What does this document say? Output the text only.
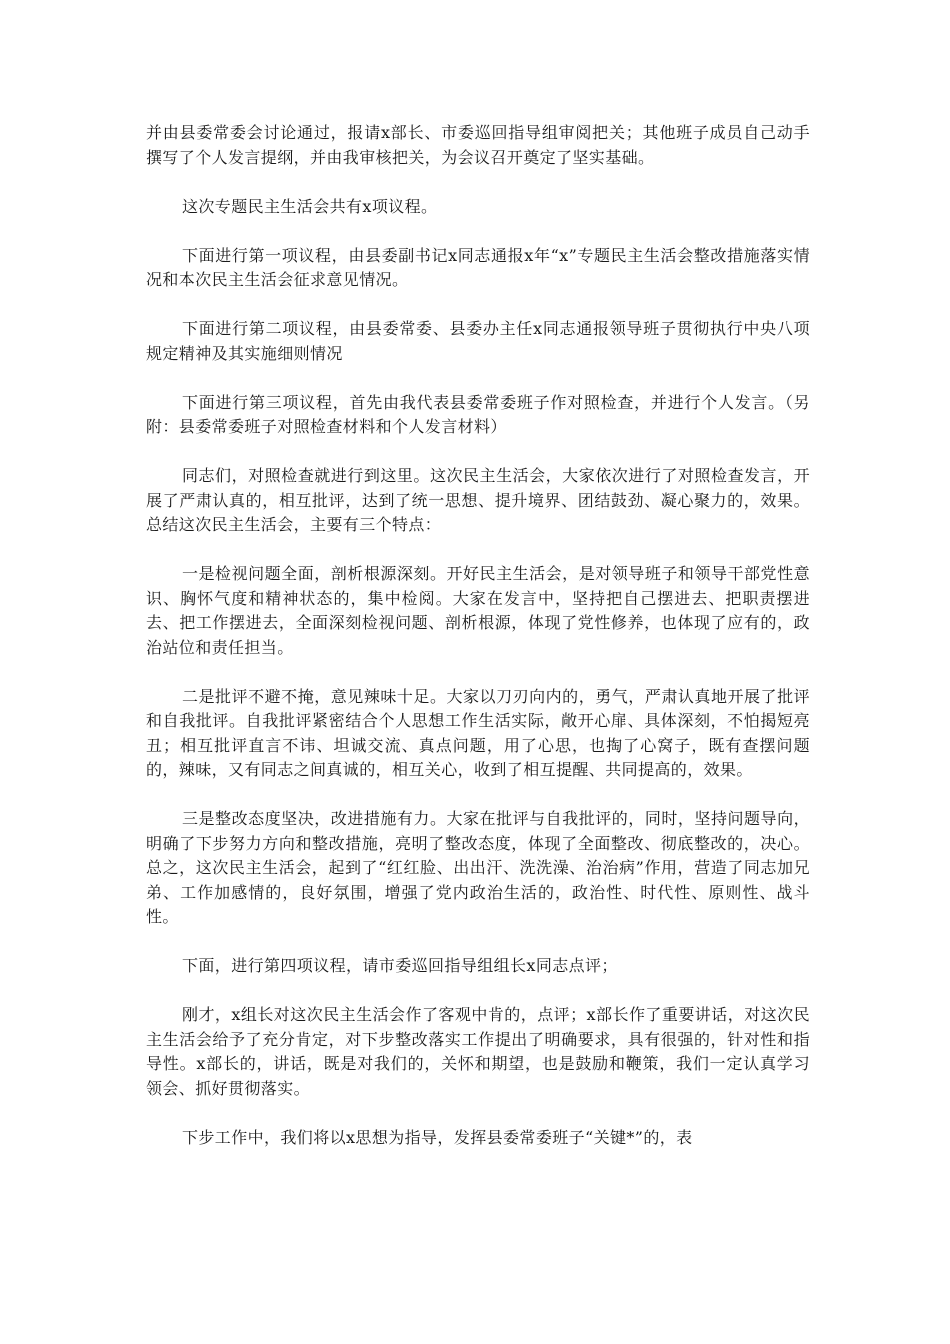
并由县委常委会讨论通过，报请x部长、市委巡回指导组审阅把关；其他班子成员自己动手撰写了个人发言提纲，并由我审核把关，为会议召开奠定了坚实基础。

这次专题民主生活会共有x项议程。

下面进行第一项议程，由县委副书记x同志通报x年“x”专题民主生活会整改措施落实情况和本次民主生活会征求意见情况。

下面进行第二项议程，由县委常委、县委办主任x同志通报领导班子贯彻执行中央八项规定精神及其实施细则情况

下面进行第三项议程，首先由我代表县委常委班子作对照检查，并进行个人发言。（另附：县委常委班子对照检查材料和个人发言材料）

同志们，对照检查就进行到这里。这次民主生活会，大家依次进行了对照检查发言，开展了严肃认真的，相互批评，达到了统一思想、提升境界、团结鼓劲、凝心聚力的，效果。总结这次民主生活会，主要有三个特点：

一是检视问题全面，剖析根源深刻。开好民主生活会，是对领导班子和领导干部党性意识、胸怀气度和精神状态的，集中检阅。大家在发言中，坚持把自己摆进去、把职责摆进去、把工作摆进去，全面深刻检视问题、剖析根源，体现了党性修养，也体现了应有的，政治站位和责任担当。

二是批评不避不掩，意见辣味十足。大家以刀刃向内的，勇气，严肃认真地开展了批评和自我批评。自我批评紧密结合个人思想工作生活实际，敞开心扉、具体深刻，不怕揭短亮丑；相互批评直言不讳、坦诚交流、真点问题，用了心思，也掏了心窝子，既有查摆问题的，辣味，又有同志之间真诚的，相互关心，收到了相互提醒、共同提高的，效果。

三是整改态度坚决，改进措施有力。大家在批评与自我批评的，同时，坚持问题导向，明确了下步努力方向和整改措施，亮明了整改态度，体现了全面整改、彻底整改的，决心。总之，这次民主生活会，起到了“红红脸、出出汗、洗洗澡、治治病”作用，营造了同志加兄弟、工作加感情的，良好氛围，增强了党内政治生活的，政治性、时代性、原则性、战斗性。

下面，进行第四项议程，请市委巡回指导组组长x同志点评；

刚才，x组长对这次民主生活会作了客观中肯的，点评；x部长作了重要讲话，对这次民主生活会给予了充分肯定，对下步整改落实工作提出了明确要求，具有很强的，针对性和指导性。x部长的，讲话，既是对我们的，关怀和期望，也是鼓励和鞭策，我们一定认真学习领会、抓好贯彻落实。

下步工作中，我们将以x思想为指导，发挥县委常委班子“关键*”的，表
